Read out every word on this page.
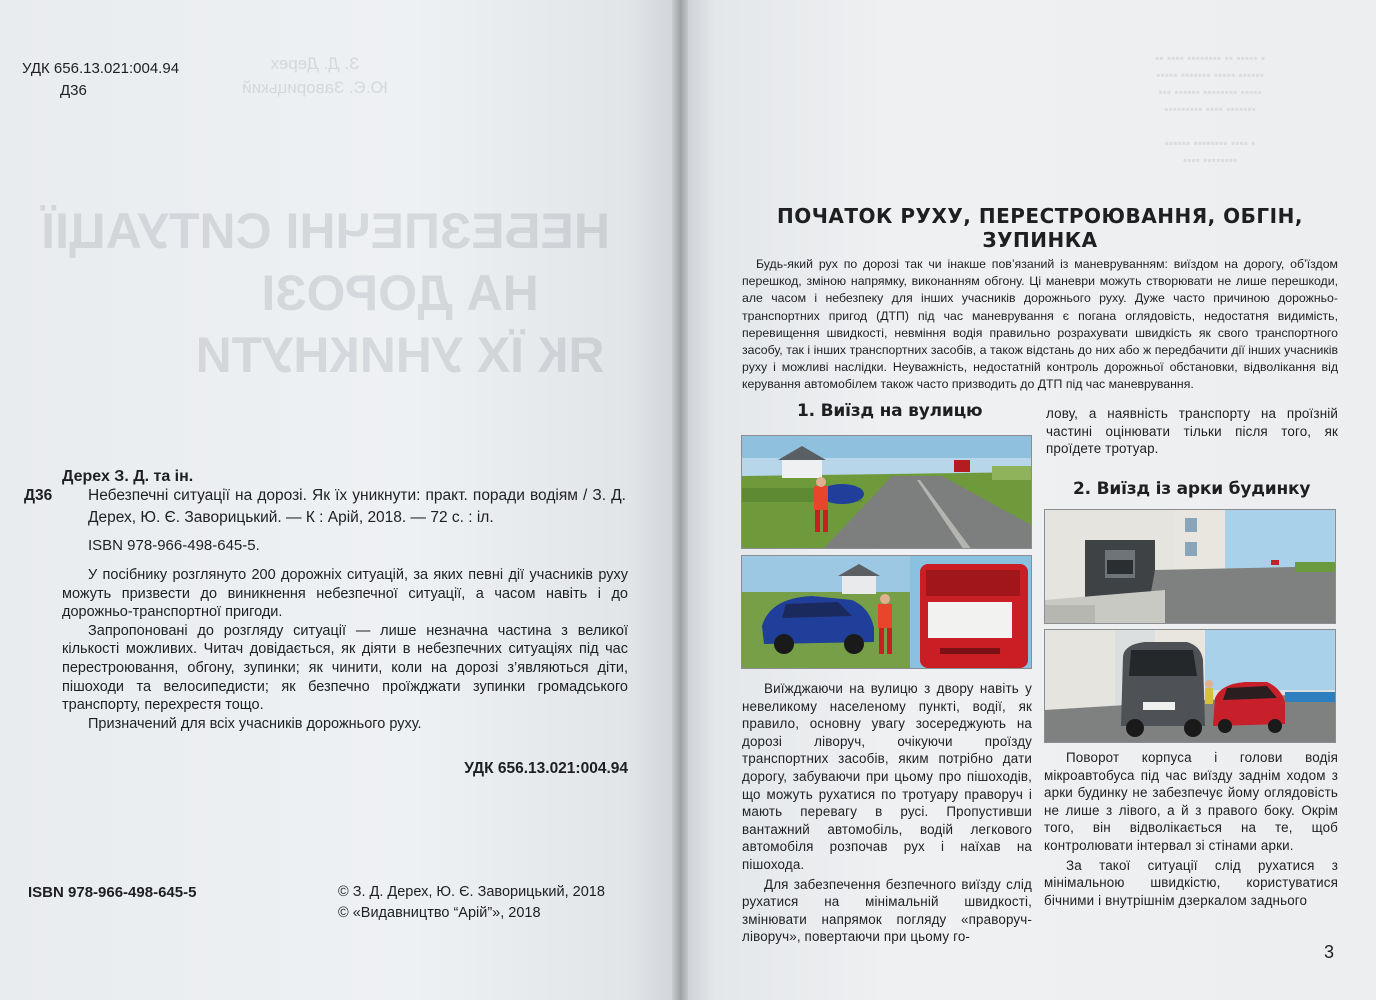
НЕБЕЗПЕЧНІ СИТУАЦІЇ
НА ДОРОЗІ
ЯК ЇХ УНИКНУТИ
З. Д. Дерех
Ю.Є. Заворицький
УДК 656.13.021:004.94
Д36
Дерех З. Д. та ін.
Д36	Небезпечні ситуації на дорозі. Як їх уникнути: практ. поради водіям / З. Д. Дерех, Ю. Є. Заворицький. — К : Арій, 2018. — 72 с. : іл.
ISBN 978-966-498-645-5.

У посібнику розглянуто 200 дорожніх ситуацій, за яких певні дії учасників руху можуть призвести до виникнення небезпечної ситуації, а часом навіть і до дорожньо-транспортної пригоди.

Запропоновані до розгляду ситуації — лише незначна частина з великої кількості можливих. Читач довідається, як діяти в небезпечних ситуаціях під час перестроювання, обгону, зупинки; як чинити, коли на дорозі з’являються діти, пішоходи та велосипедисти; як безпечно проїжджати зупинки громадського транспорту, перехрестя тощо.

Призначений для всіх учасників дорожнього руху.

УДК 656.13.021:004.94
ISBN 978-966-498-645-5	© З. Д. Дерех, Ю. Є. Заворицький, 2018
© «Видавництво “Арій”», 2018
▪ ▪▪▪▪▪ ▪▪ ▪▪▪▪▪▪▪▪ ▪▪▪▪ ▪▪
▪▪▪▪▪▪ ▪▪▪▪▪ ▪▪▪▪▪▪▪ ▪▪▪▪▪
▪▪▪▪▪ ▪▪▪▪▪▪▪▪ ▪▪▪▪▪▪ ▪▪▪
▪▪▪▪▪▪▪ ▪▪▪▪ ▪▪▪▪▪▪▪▪▪

▪ ▪▪▪▪ ▪▪▪▪▪▪▪▪ ▪▪▪▪▪▪
▪▪▪▪▪▪▪▪ ▪▪▪▪
ПОЧАТОК РУХУ, ПЕРЕСТРОЮВАННЯ, ОБГІН,
ЗУПИНКА

Будь-який рух по дорозі так чи інакше пов’язаний із маневруванням: виїздом на дорогу, об’їздом перешкод, зміною напрямку, виконанням обгону. Ці маневри можуть створювати не лише перешкоди, але часом і небезпеку для інших учасників дорожнього руху. Дуже часто причиною дорожньо-транспортних пригод (ДТП) під час маневрування є погана оглядовість, недостатня видимість, перевищення швидкості, невміння водія правильно розрахувати швидкість як свого транспортного засобу, так і інших транспортних засобів, а також відстань до них або ж передбачити дії інших учасників руху і можливі наслідки. Неуважність, недостатній контроль дорожньої обстановки, відволікання від керування автомобілем також часто призводить до ДТП під час маневрування.

1. Виїзд на вулицю
2. Виїзд із арки будинку

Виїжджаючи на вулицю з двору навіть у невеликому населеному пункті, водії, як правило, основну увагу зосереджують на дорозі ліворуч, очікуючи проїзду транспортних засобів, яким потрібно дати дорогу, забуваючи при цьому про пішоходів, що можуть рухатися по тротуару праворуч і мають перевагу в русі. Пропустивши вантажний автомобіль, водій легкового автомобіля розпочав рух і наїхав на пішохода.

Для забезпечення безпечного виїзду слід рухатися на мінімальній швидкості, змінювати напрямок погляду «праворуч-ліворуч», повертаючи при цьому го-

лову, а наявність транспорту на проїзній частині оцінювати тільки після того, як проїдете тротуар.

Поворот корпуса і голови водія мікроавтобуса під час виїзду заднім ходом з арки будинку не забезпечує йому оглядовість не лише з лівого, а й з правого боку. Окрім того, він відволікається на те, щоб контролювати інтервал зі стінами арки.

За такої ситуації слід рухатися з мінімальною швидкістю, користуватися бічними і внутрішнім дзеркалом заднього

3
